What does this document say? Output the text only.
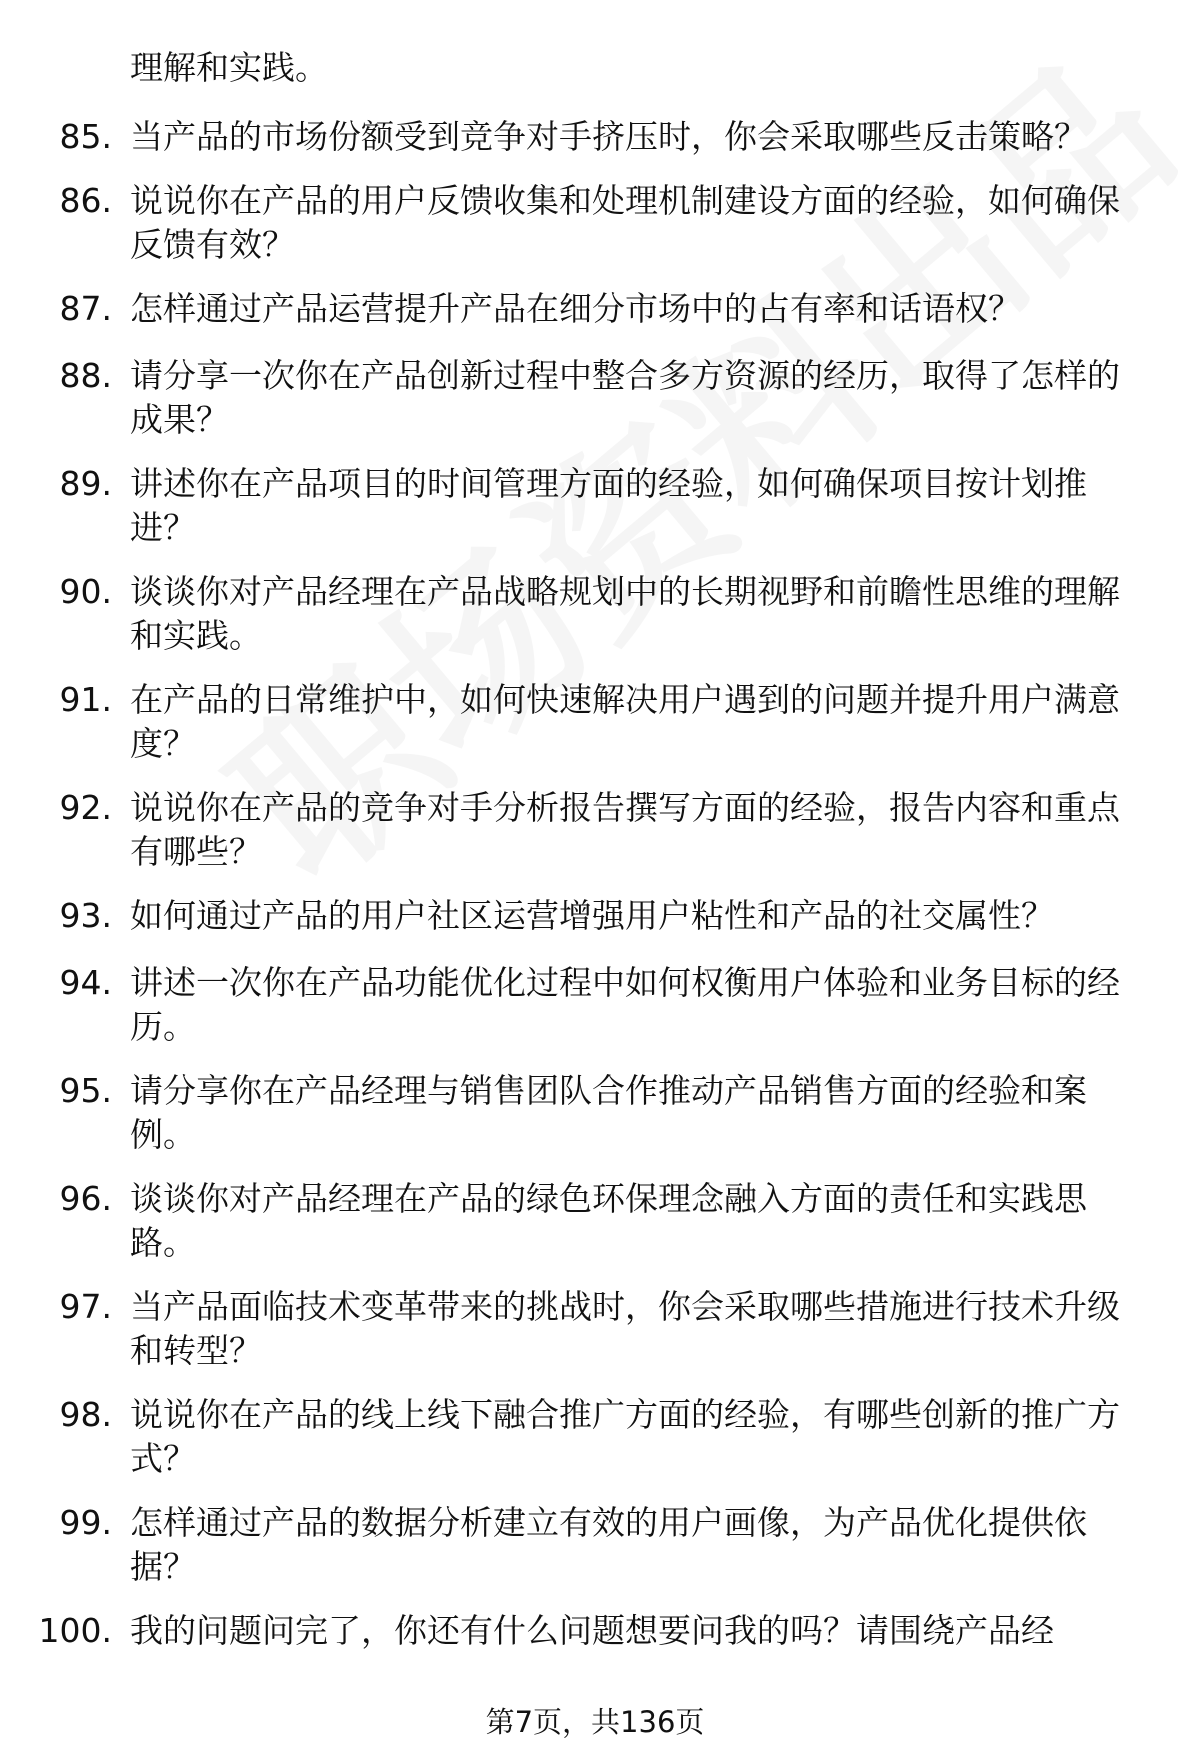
理解和实践。
85. 当产品的市场份额受到竞争对手挤压时，你会采取哪些反击策略？
86. 说说你在产品的用户反馈收集和处理机制建设方面的经验，如何确保反馈有效？
87. 怎样通过产品运营提升产品在细分市场中的占有率和话语权？
88. 请分享一次你在产品创新过程中整合多方资源的经历，取得了怎样的成果？
89. 讲述你在产品项目的时间管理方面的经验，如何确保项目按计划推进？
90. 谈谈你对产品经理在产品战略规划中的长期视野和前瞻性思维的理解和实践。
91. 在产品的日常维护中，如何快速解决用户遇到的问题并提升用户满意度？
92. 说说你在产品的竞争对手分析报告撰写方面的经验，报告内容和重点有哪些？
93. 如何通过产品的用户社区运营增强用户粘性和产品的社交属性？
94. 讲述一次你在产品功能优化过程中如何权衡用户体验和业务目标的经历。
95. 请分享你在产品经理与销售团队合作推动产品销售方面的经验和案例。
96. 谈谈你对产品经理在产品的绿色环保理念融入方面的责任和实践思路。
97. 当产品面临技术变革带来的挑战时，你会采取哪些措施进行技术升级和转型？
98. 说说你在产品的线上线下融合推广方面的经验，有哪些创新的推广方式？
99. 怎样通过产品的数据分析建立有效的用户画像，为产品优化提供依据？
100. 我的问题问完了，你还有什么问题想要问我的吗？请围绕产品经
第7页，共136页
